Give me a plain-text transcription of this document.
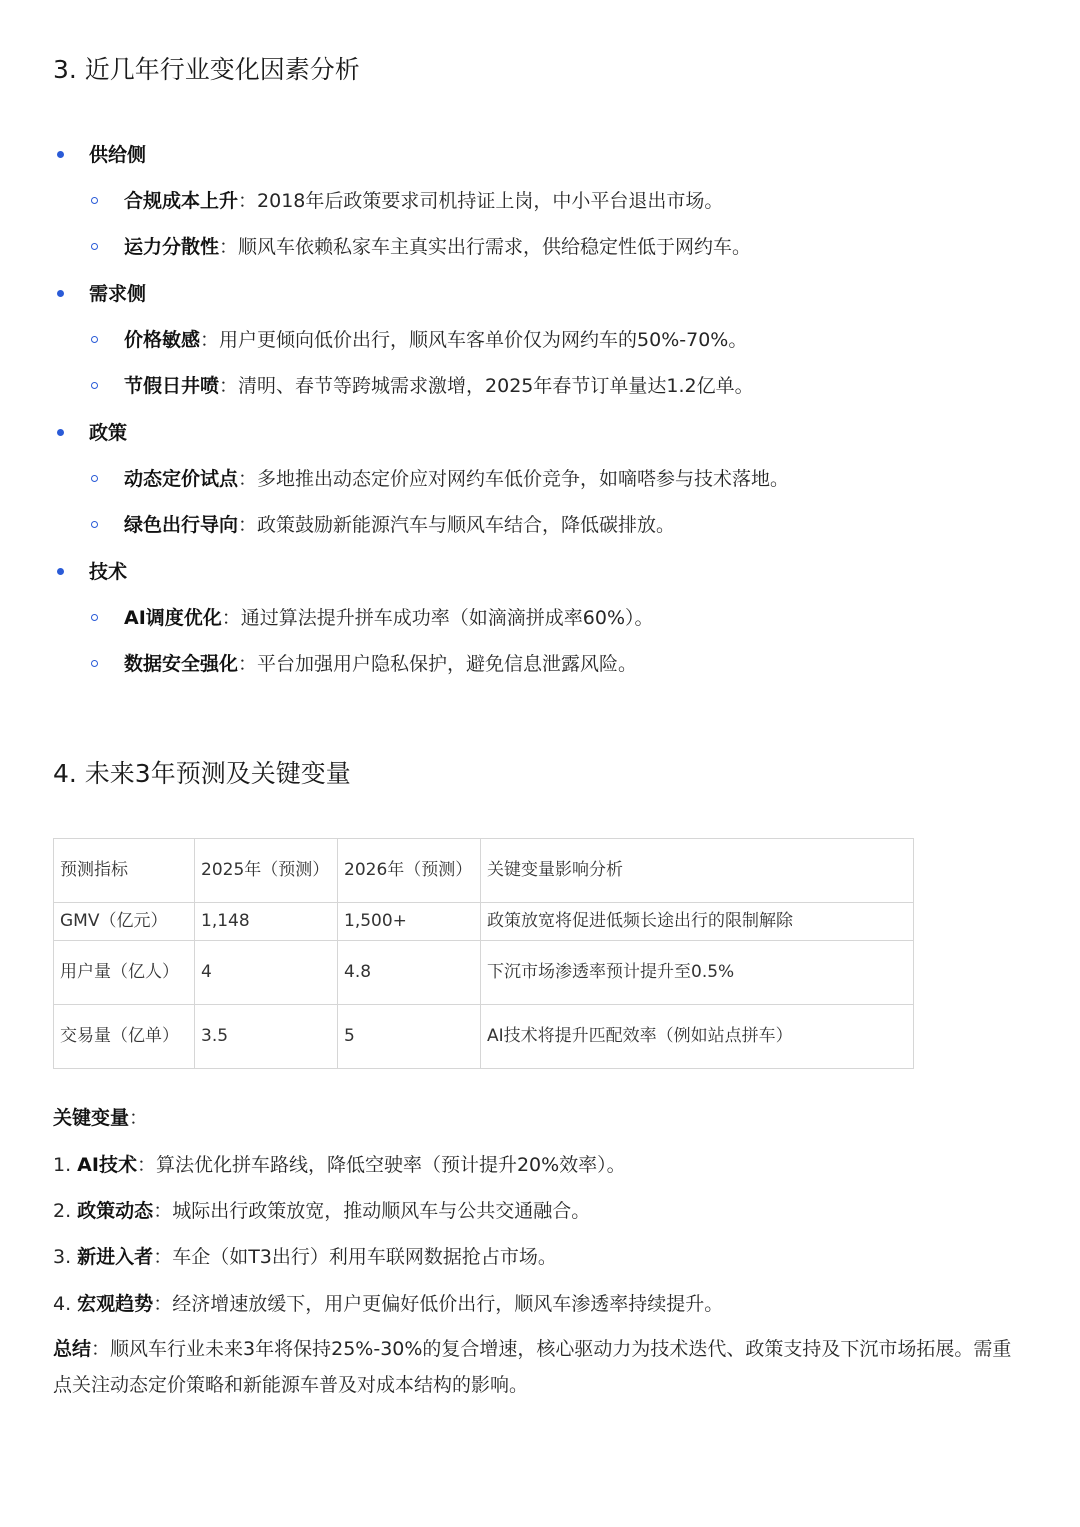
3. 近几年行业变化因素分析
供给侧
合规成本上升：2018年后政策要求司机持证上岗，中小平台退出市场。
运力分散性：顺风车依赖私家车主真实出行需求，供给稳定性低于网约车。
需求侧
价格敏感：用户更倾向低价出行，顺风车客单价仅为网约车的50%-70%。
节假日井喷：清明、春节等跨城需求激增，2025年春节订单量达1.2亿单。
政策
动态定价试点：多地推出动态定价应对网约车低价竞争，如嘀嗒参与技术落地。
绿色出行导向：政策鼓励新能源汽车与顺风车结合，降低碳排放。
技术
AI调度优化：通过算法提升拼车成功率（如滴滴拼成率60%）。
数据安全强化：平台加强用户隐私保护，避免信息泄露风险。
4. 未来3年预测及关键变量
预测指标	2025年（预测）	2026年（预测）	关键变量影响分析
GMV（亿元）	1,148	1,500+	政策放宽将促进低频长途出行的限制解除
用户量（亿人）	4	4.8	下沉市场渗透率预计提升至0.5%
交易量（亿单）	3.5	5	AI技术将提升匹配效率（例如站点拼车）
关键变量：
1. AI技术：算法优化拼车路线，降低空驶率（预计提升20%效率）。
2. 政策动态：城际出行政策放宽，推动顺风车与公共交通融合。
3. 新进入者：车企（如T3出行）利用车联网数据抢占市场。
4. 宏观趋势：经济增速放缓下，用户更偏好低价出行，顺风车渗透率持续提升。
总结：顺风车行业未来3年将保持25%-30%的复合增速，核心驱动力为技术迭代、政策支持及下沉市场拓展。需重点关注动态定价策略和新能源车普及对成本结构的影响。
